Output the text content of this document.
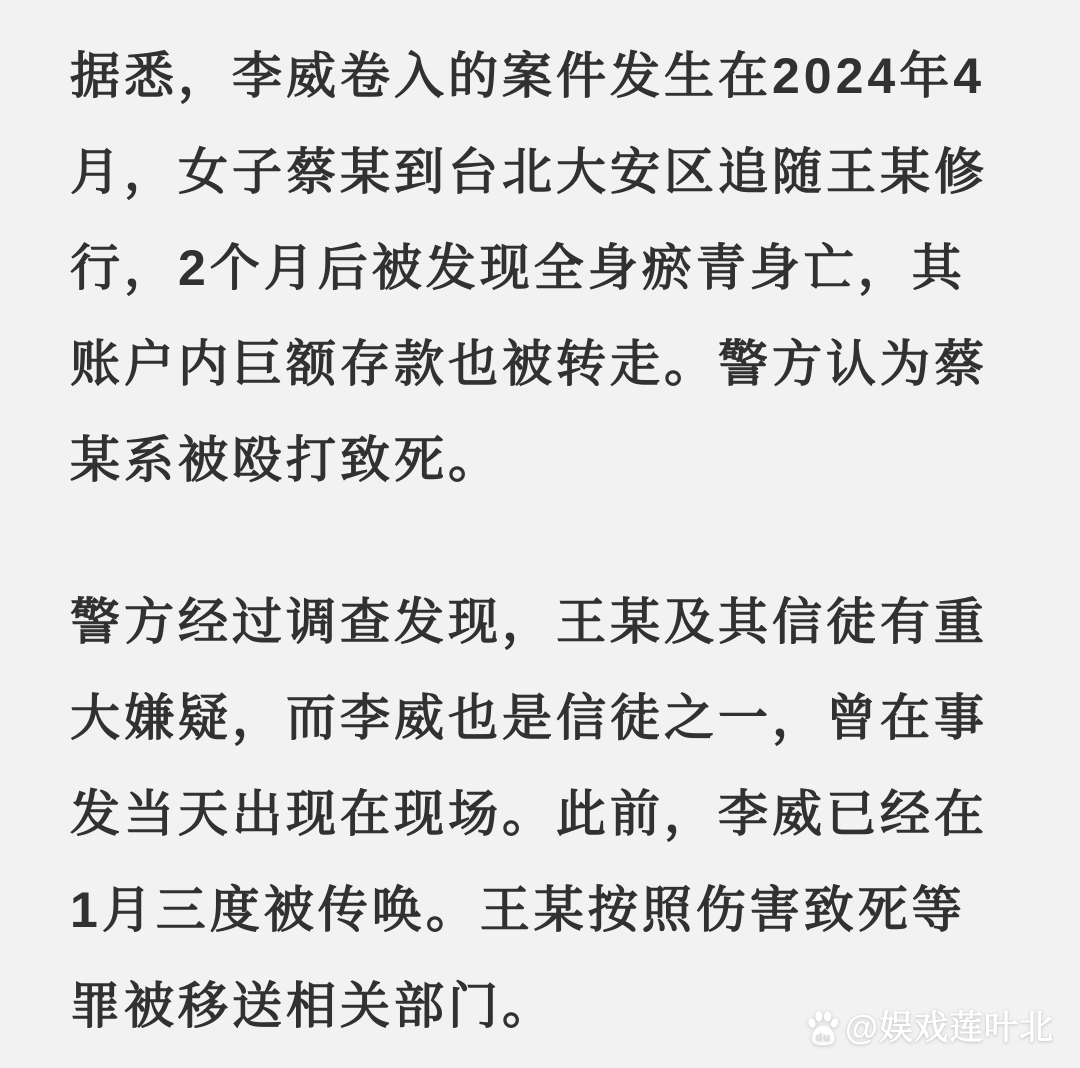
据悉，李威卷入的案件发生在2024年4
月，女子蔡某到台北大安区追随王某修
行，2个月后被发现全身瘀青身亡，其
账户内巨额存款也被转走。警方认为蔡
某系被殴打致死。
警方经过调查发现，王某及其信徒有重
大嫌疑，而李威也是信徒之一，曾在事
发当天出现在现场。此前，李威已经在
1月三度被传唤。王某按照伤害致死等
罪被移送相关部门。
du @娱戏莲叶北
